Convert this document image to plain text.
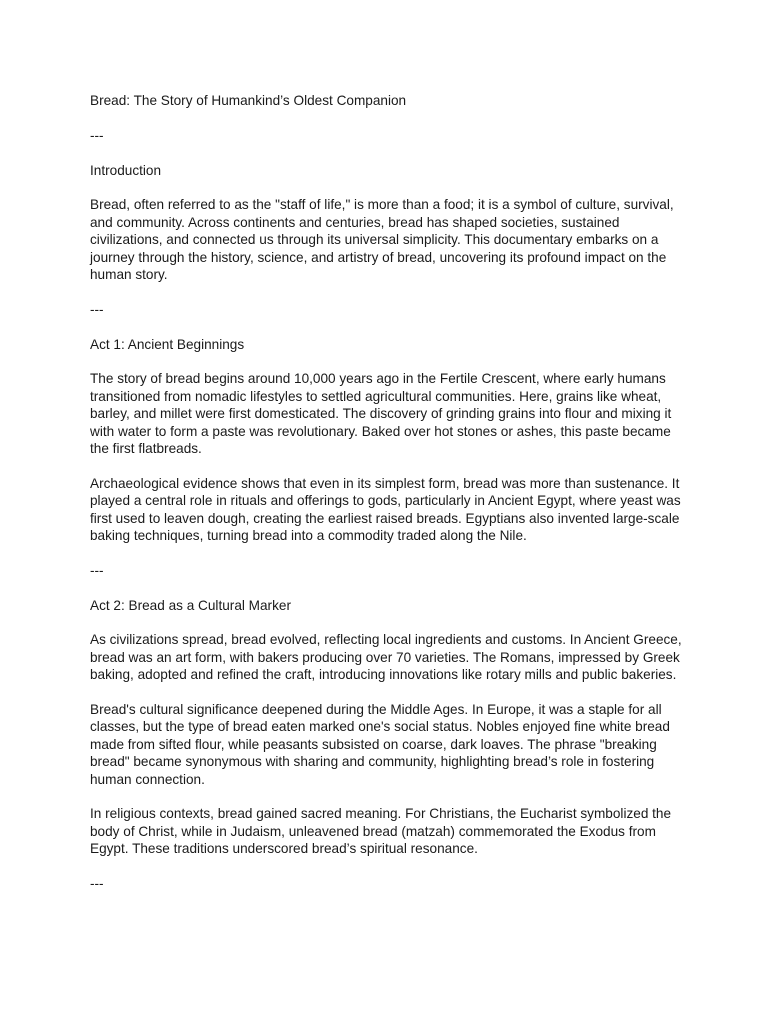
Bread: The Story of Humankind’s Oldest Companion

---

Introduction

Bread, often referred to as the "staff of life," is more than a food; it is a symbol of culture, survival, and community. Across continents and centuries, bread has shaped societies, sustained civilizations, and connected us through its universal simplicity. This documentary embarks on a journey through the history, science, and artistry of bread, uncovering its profound impact on the human story.

---

Act 1: Ancient Beginnings

The story of bread begins around 10,000 years ago in the Fertile Crescent, where early humans transitioned from nomadic lifestyles to settled agricultural communities. Here, grains like wheat, barley, and millet were first domesticated. The discovery of grinding grains into flour and mixing it with water to form a paste was revolutionary. Baked over hot stones or ashes, this paste became the first flatbreads.

Archaeological evidence shows that even in its simplest form, bread was more than sustenance. It played a central role in rituals and offerings to gods, particularly in Ancient Egypt, where yeast was first used to leaven dough, creating the earliest raised breads. Egyptians also invented large-scale baking techniques, turning bread into a commodity traded along the Nile.

---

Act 2: Bread as a Cultural Marker

As civilizations spread, bread evolved, reflecting local ingredients and customs. In Ancient Greece, bread was an art form, with bakers producing over 70 varieties. The Romans, impressed by Greek baking, adopted and refined the craft, introducing innovations like rotary mills and public bakeries.

Bread's cultural significance deepened during the Middle Ages. In Europe, it was a staple for all classes, but the type of bread eaten marked one's social status. Nobles enjoyed fine white bread made from sifted flour, while peasants subsisted on coarse, dark loaves. The phrase "breaking bread" became synonymous with sharing and community, highlighting bread’s role in fostering human connection.

In religious contexts, bread gained sacred meaning. For Christians, the Eucharist symbolized the body of Christ, while in Judaism, unleavened bread (matzah) commemorated the Exodus from Egypt. These traditions underscored bread’s spiritual resonance.

---
